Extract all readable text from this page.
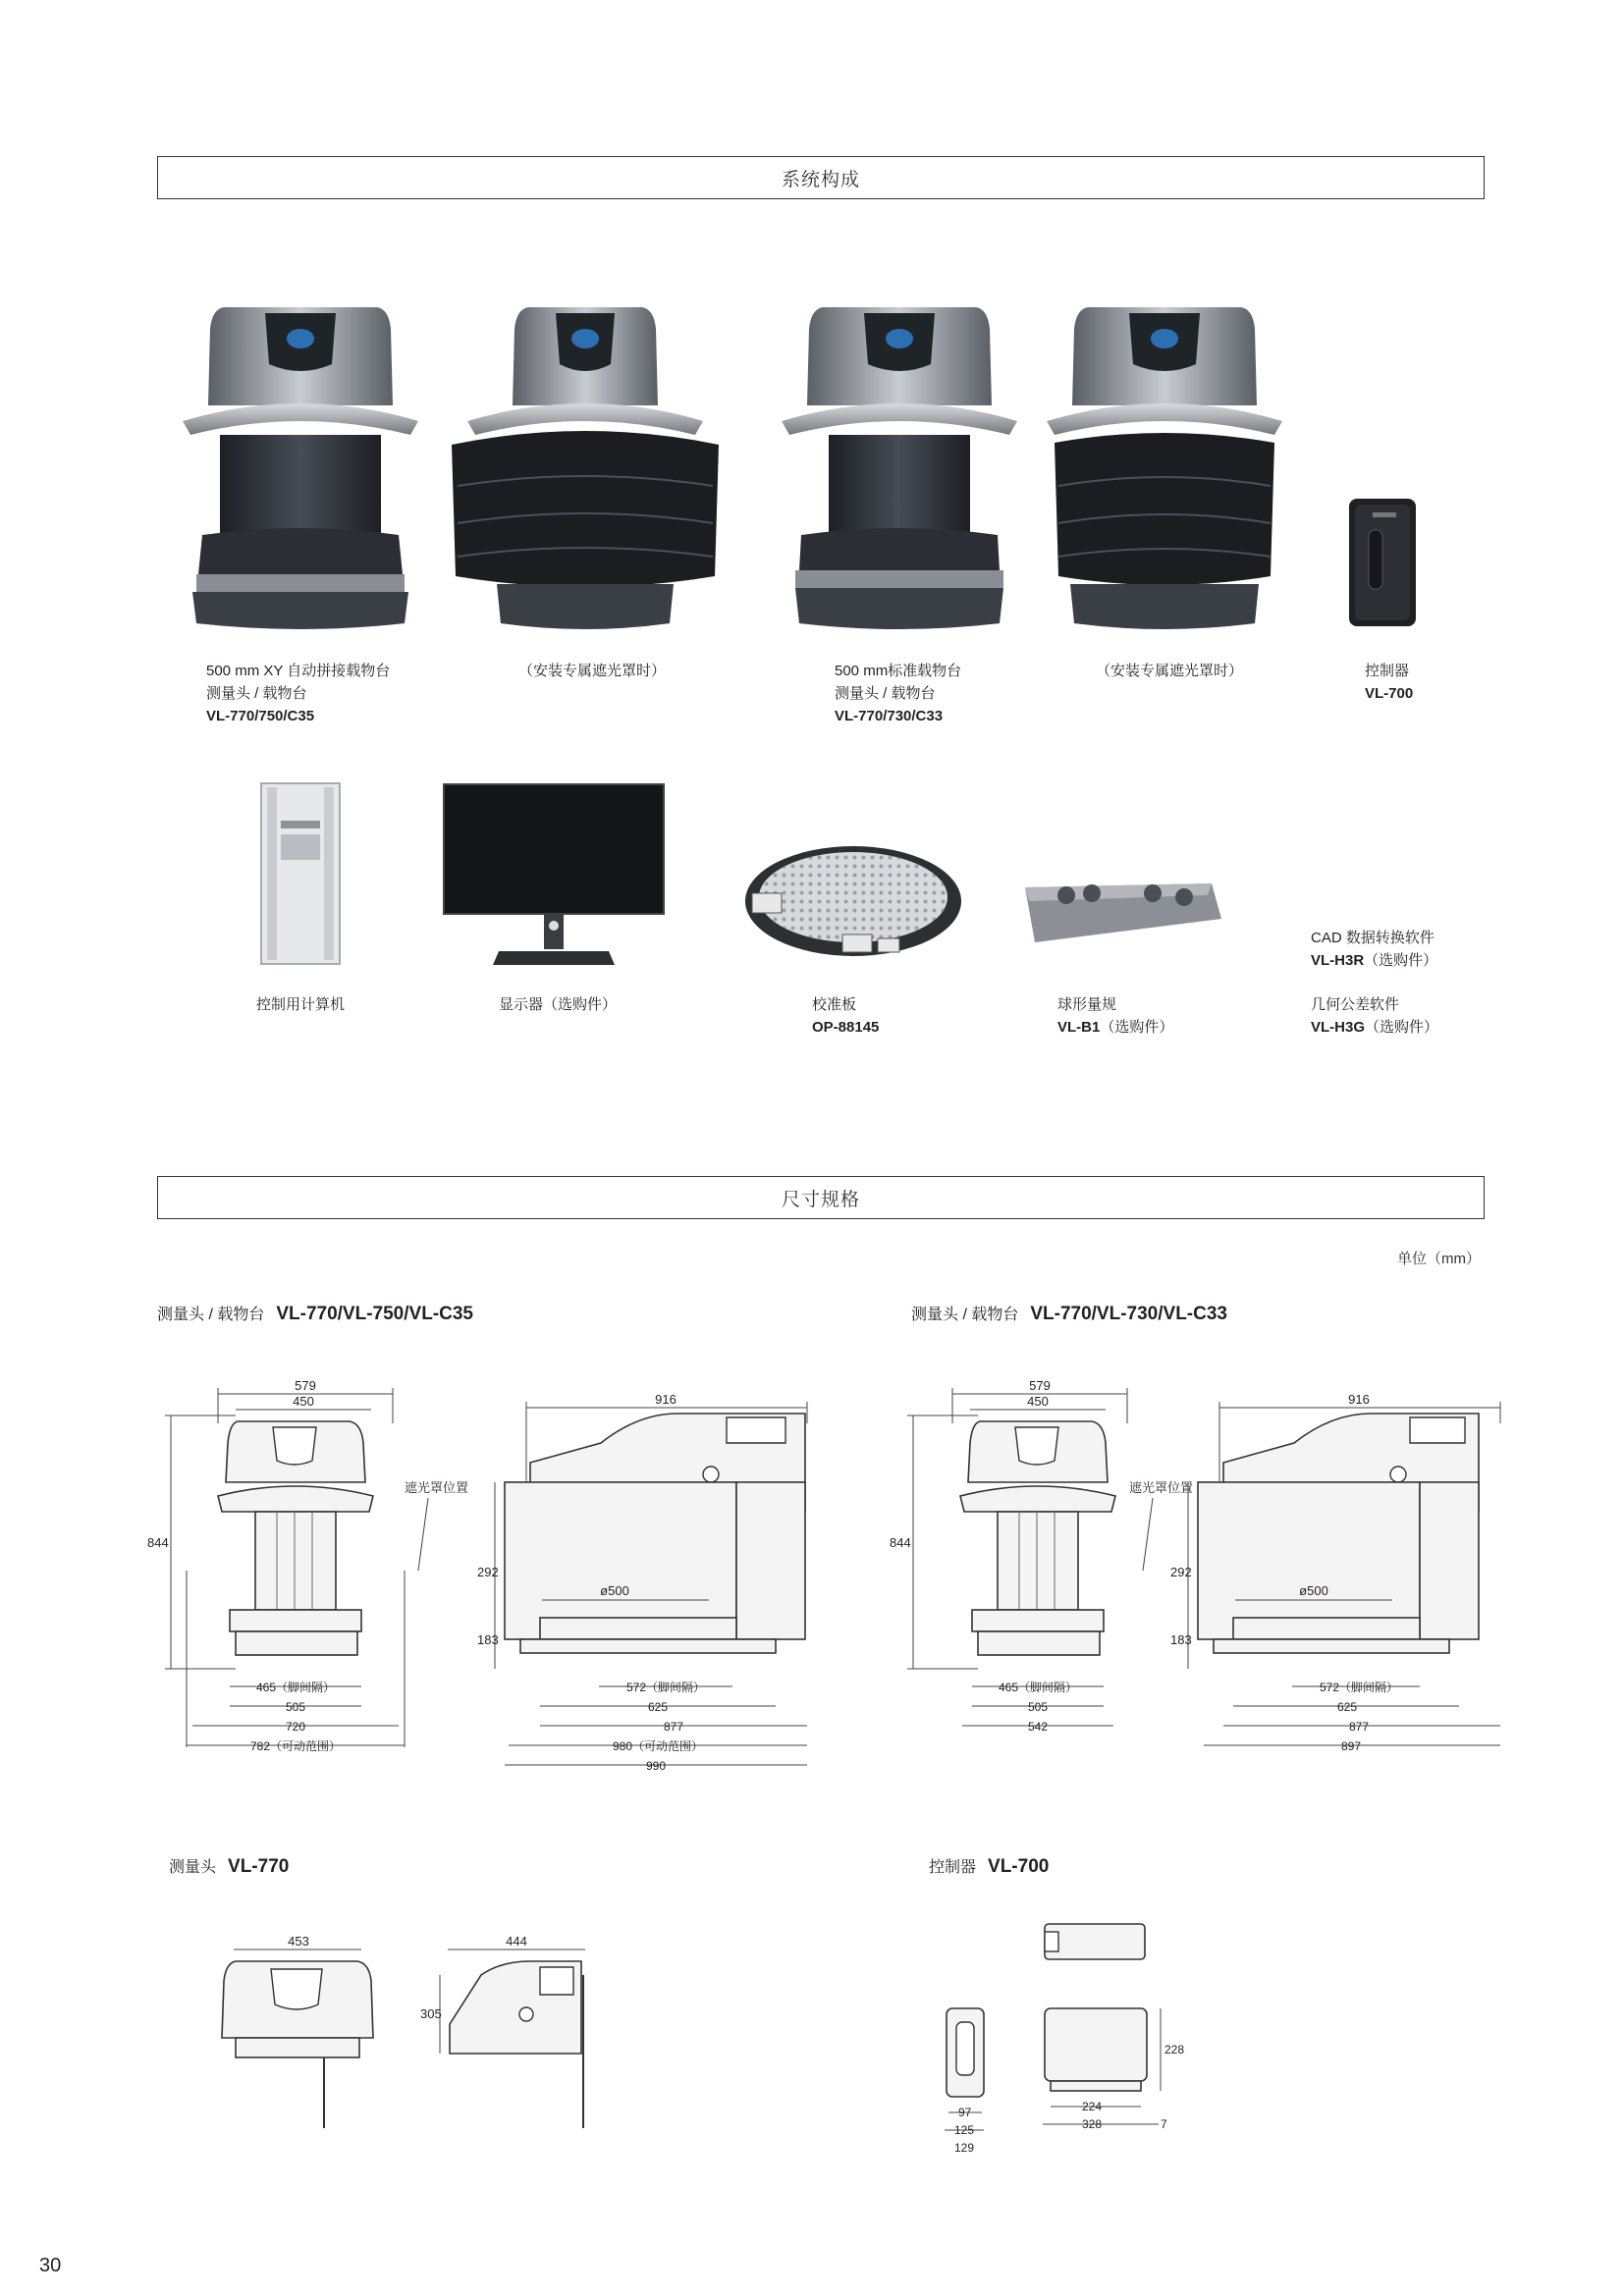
系统构成
500 mm XY 自动拼接载物台
测量头 / 载物台
VL-770/750/C35
（安装专属遮光罩时）	500 mm标准载物台
测量头 / 载物台
VL-770/730/C33
（安装专属遮光罩时）	控制器
VL-700
控制用计算机	显示器（选购件）	校准板
OP-88145
球形量规
VL-B1（选购件）
CAD 数据转换软件
VL-H3R（选购件）
几何公差软件
VL-H3G（选购件）
尺寸规格
单位（mm）
测量头 / 载物台 VL-770/VL-750/VL-C35	测量头 / 载物台 VL-770/VL-730/VL-C33
测量头 VL-770	控制器 VL-700
579
450
844
遮光罩位置
465（脚间隔）
505
720
782（可动范围）
916
292
183
ø500
572（脚间隔）
625
877
980（可动范围）
990
579
450
844
遮光罩位置
465（脚间隔）
505
542
916
292
183
ø500
572（脚间隔）
625
877
897
453	444
305
97
125
129
228
224
328	7
30
